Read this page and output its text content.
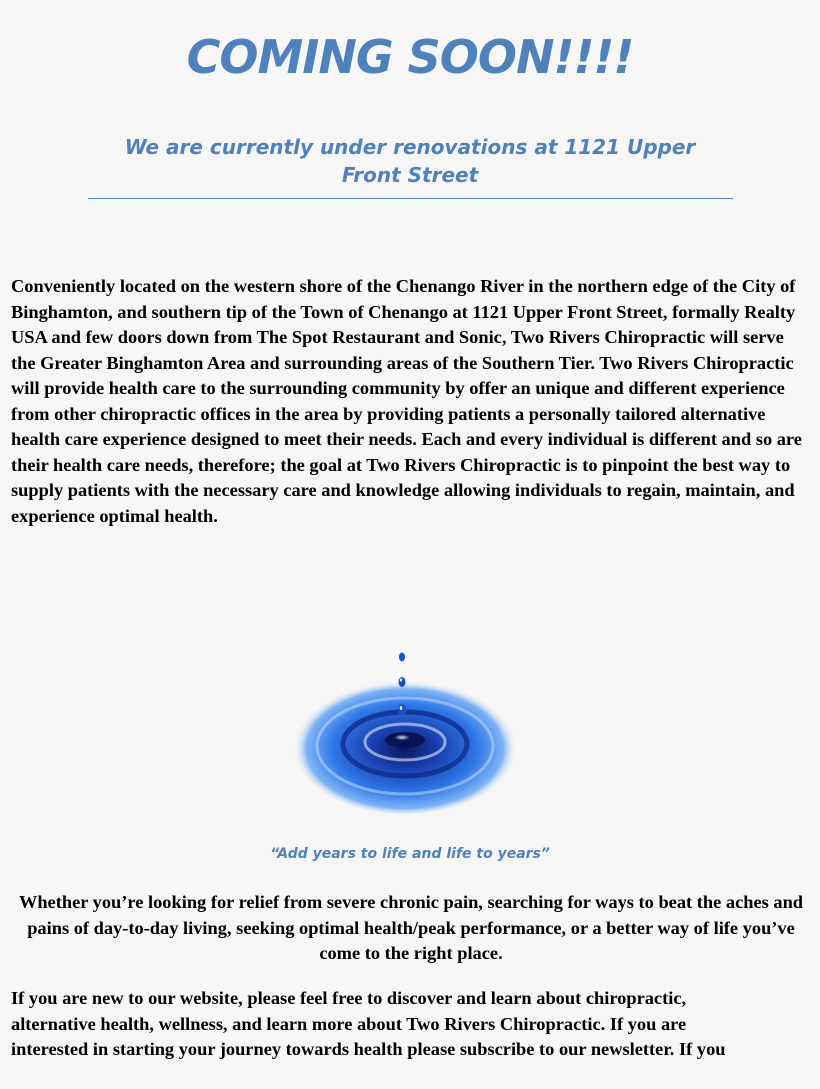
COMING SOON!!!!
We are currently under renovations at 1121 Upper Front Street

Conveniently located on the western shore of the Chenango River in the northern edge of the City of Binghamton, and southern tip of the Town of Chenango at 1121 Upper Front Street, formally Realty USA and few doors down from The Spot Restaurant and Sonic, Two Rivers Chiropractic will serve the Greater Binghamton Area and surrounding areas of the Southern Tier. Two Rivers Chiropractic will provide health care to the surrounding community by offer an unique and different experience from other chiropractic offices in the area by providing patients a personally tailored alternative health care experience designed to meet their needs. Each and every individual is different and so are their health care needs, therefore; the goal at Two Rivers Chiropractic is to pinpoint the best way to supply patients with the necessary care and knowledge allowing individuals to regain, maintain, and experience optimal health.

“Add years to life and life to years”

Whether you’re looking for relief from severe chronic pain, searching for ways to beat the aches and pains of day-to-day living, seeking optimal health/peak performance, or a better way of life you’ve come to the right place.

If you are new to our website, please feel free to discover and learn about chiropractic,
alternative health, wellness, and learn more about Two Rivers Chiropractic. If you are
interested in starting your journey towards health please subscribe to our newsletter. If you
